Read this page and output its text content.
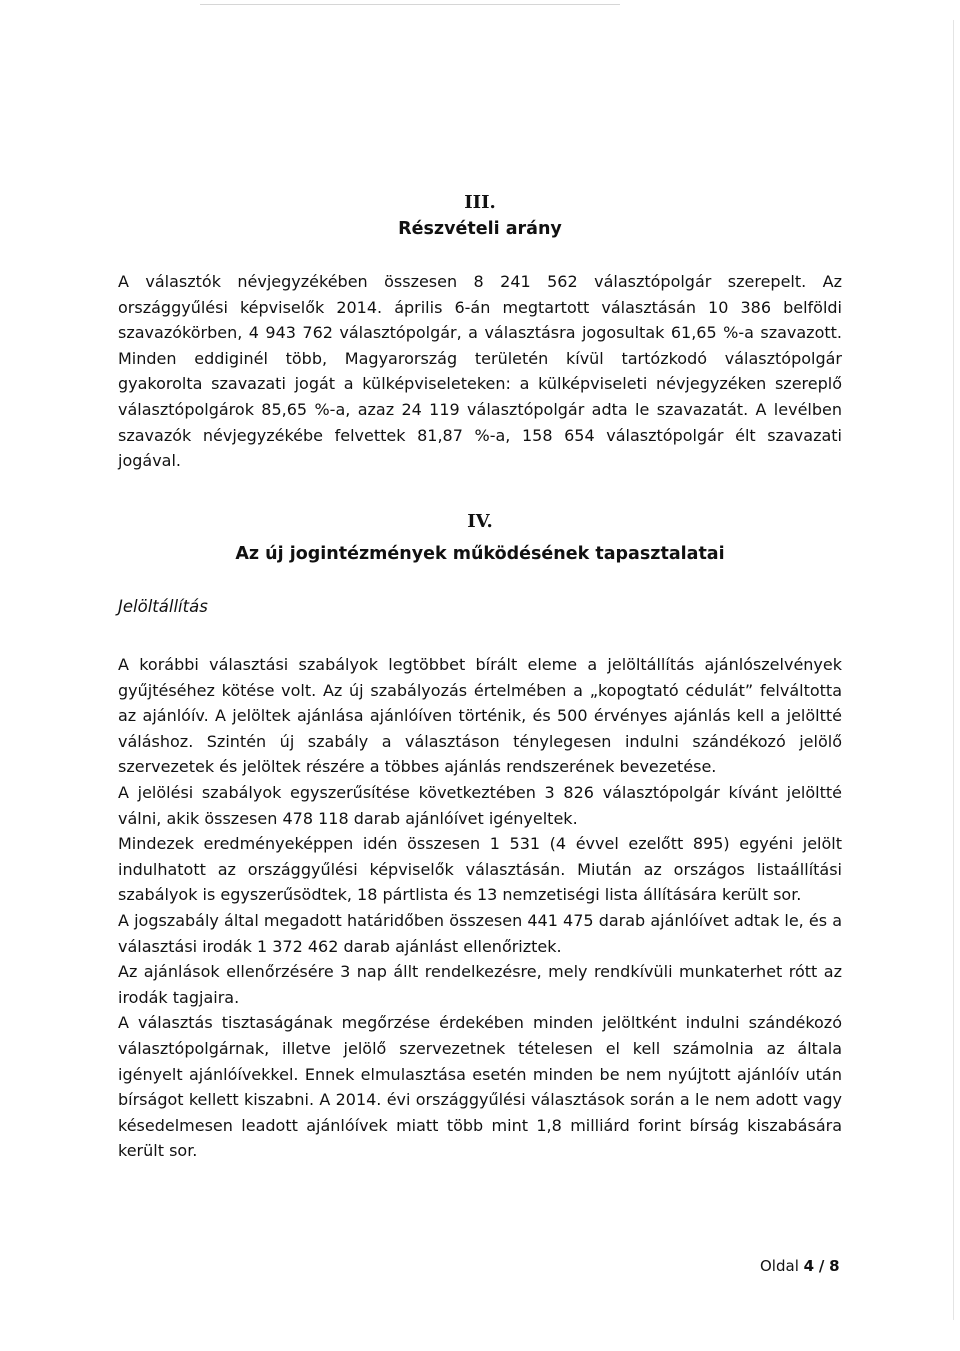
III.
Részvételi arány

A választók névjegyzékében összesen 8 241 562 választópolgár szerepelt. Az országgyűlési képviselők 2014. április 6-án megtartott választásán 10 386 belföldi szavazókörben, 4 943 762 választópolgár, a választásra jogosultak 61,65 %-a szavazott. Minden eddiginél több, Magyarország területén kívül tartózkodó választópolgár gyakorolta szavazati jogát a külképviseleteken: a külképviseleti névjegyzéken szereplő választópolgárok 85,65 %-a, azaz 24 119 választópolgár adta le szavazatát. A levélben szavazók névjegyzékébe felvettek 81,87 %-a, 158 654 választópolgár élt szavazati jogával.

IV.
Az új jogintézmények működésének tapasztalatai
Jelöltállítás

A korábbi választási szabályok legtöbbet bírált eleme a jelöltállítás ajánlószelvények gyűjtéséhez kötése volt. Az új szabályozás értelmében a „kopogtató cédulát” felváltotta az ajánlóív. A jelöltek ajánlása ajánlóíven történik, és 500 érvényes ajánlás kell a jelöltté váláshoz. Szintén új szabály a választáson ténylegesen indulni szándékozó jelölő szervezetek és jelöltek részére a többes ajánlás rendszerének bevezetése.

A jelölési szabályok egyszerűsítése következtében 3 826 választópolgár kívánt jelöltté válni, akik összesen 478 118 darab ajánlóívet igényeltek.

Mindezek eredményeképpen idén összesen 1 531 (4 évvel ezelőtt 895) egyéni jelölt indulhatott az országgyűlési képviselők választásán. Miután az országos listaállítási szabályok is egyszerűsödtek, 18 pártlista és 13 nemzetiségi lista állítására került sor.

A jogszabály által megadott határidőben összesen 441 475 darab ajánlóívet adtak le, és a választási irodák 1 372 462 darab ajánlást ellenőriztek.

Az ajánlások ellenőrzésére 3 nap állt rendelkezésre, mely rendkívüli munkaterhet rótt az irodák tagjaira.

A választás tisztaságának megőrzése érdekében minden jelöltként indulni szándékozó választópolgárnak, illetve jelölő szervezetnek tételesen el kell számolnia az általa igényelt ajánlóívekkel. Ennek elmulasztása esetén minden be nem nyújtott ajánlóív után bírságot kellett kiszabni. A 2014. évi országgyűlési választások során a le nem adott vagy késedelmesen leadott ajánlóívek miatt több mint 1,8 milliárd forint bírság kiszabására került sor.

Oldal 4 / 8
